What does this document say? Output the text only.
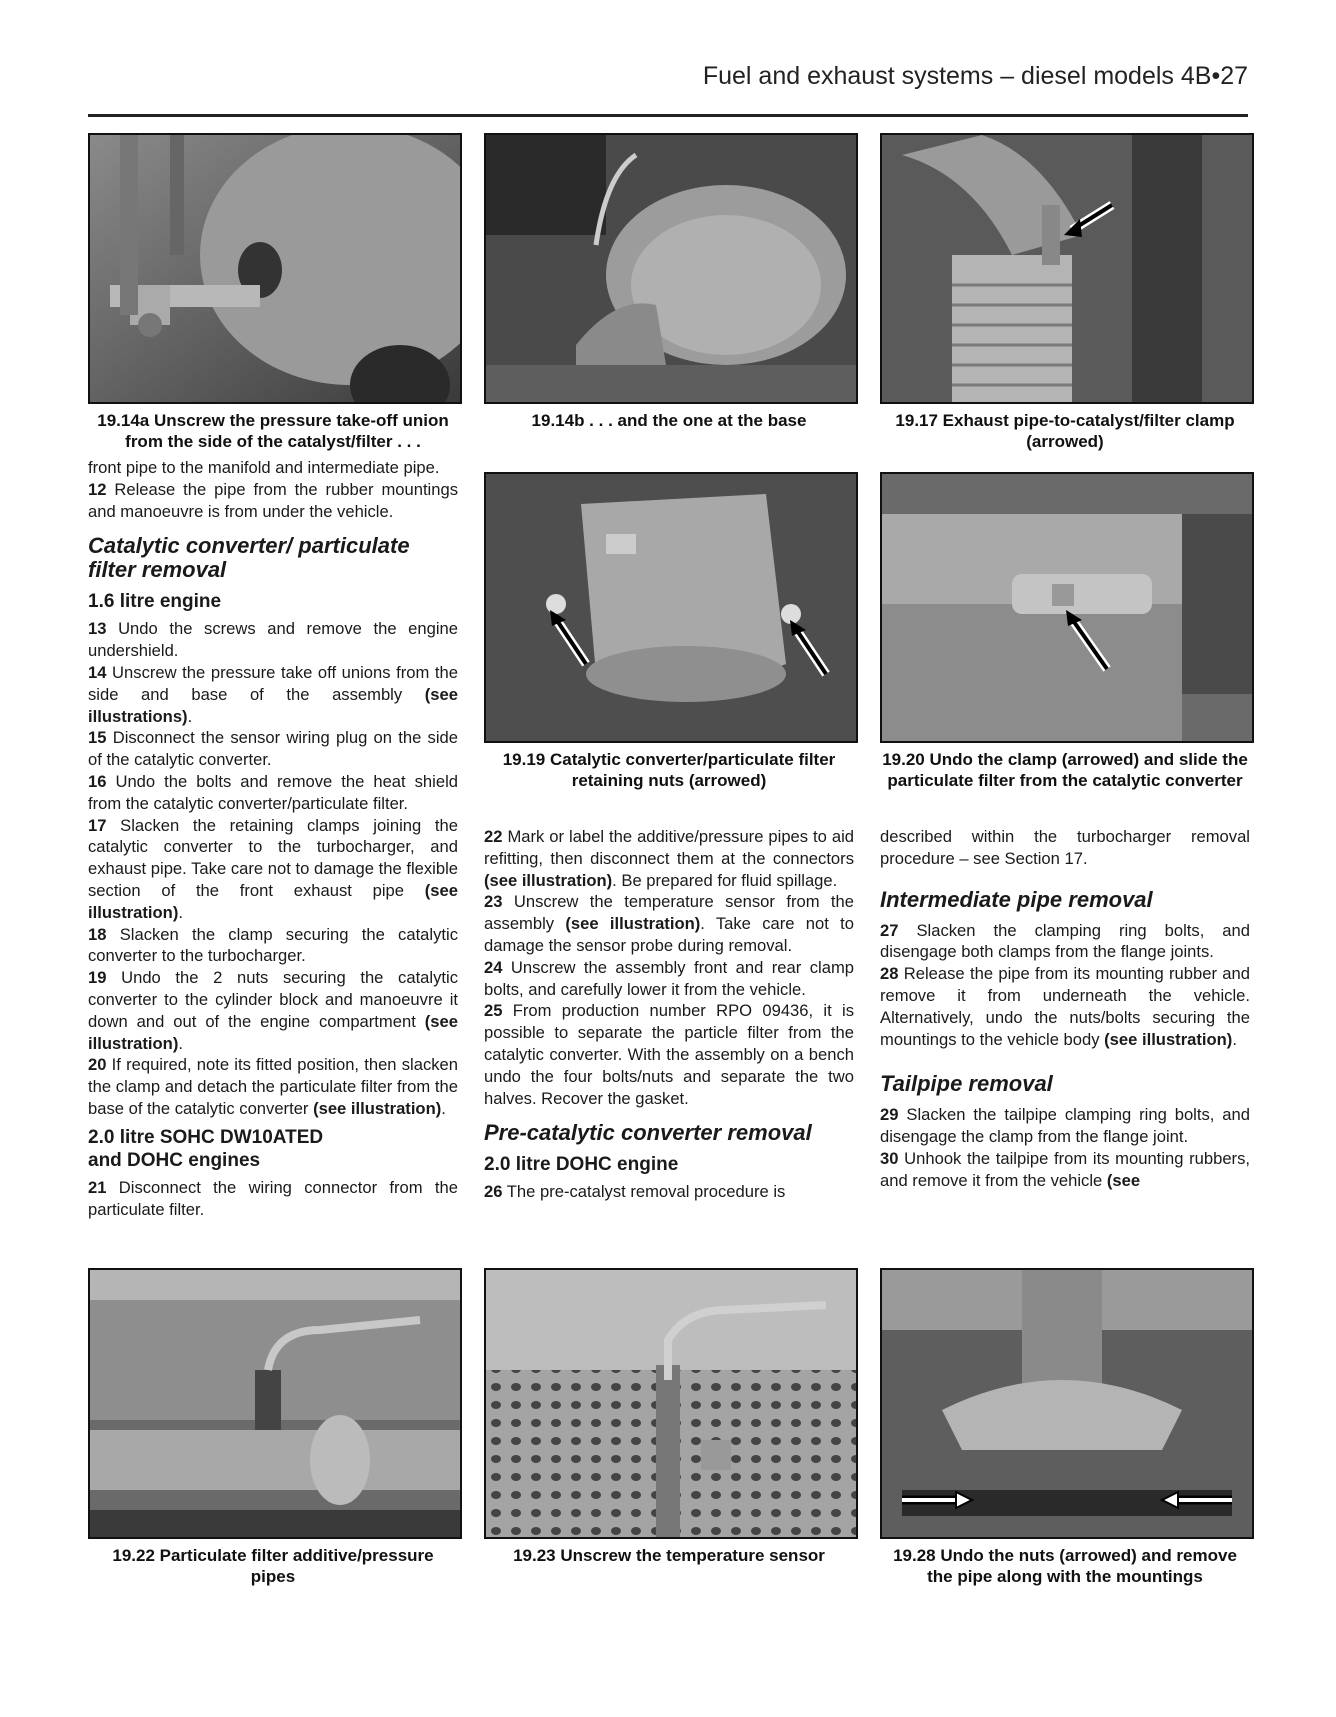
Fuel and exhaust systems – diesel models 4B•27
19.14a Unscrew the pressure take-off union from the side of the catalyst/filter . . .
19.14b . . . and the one at the base	19.17 Exhaust pipe-to-catalyst/filter clamp (arrowed)

front pipe to the manifold and intermediate pipe.

12 Release the pipe from the rubber mountings and manoeuvre is from under the vehicle.

Catalytic converter/ particulate filter removal
1.6 litre engine

13 Undo the screws and remove the engine undershield.

14 Unscrew the pressure take off unions from the side and base of the assembly (see illustrations).

15 Disconnect the sensor wiring plug on the side of the catalytic converter.

16 Undo the bolts and remove the heat shield from the catalytic converter/particulate filter.

17 Slacken the retaining clamps joining the catalytic converter to the turbocharger, and exhaust pipe. Take care not to damage the flexible section of the front exhaust pipe (see illustration).

18 Slacken the clamp securing the catalytic converter to the turbocharger.

19 Undo the 2 nuts securing the catalytic converter to the cylinder block and manoeuvre it down and out of the engine compartment (see illustration).

20 If required, note its fitted position, then slacken the clamp and detach the particulate filter from the base of the catalytic converter (see illustration).

2.0 litre SOHC DW10ATED and DOHC engines

21 Disconnect the wiring connector from the particulate filter.

19.19 Catalytic converter/particulate filter retaining nuts (arrowed)
19.20 Undo the clamp (arrowed) and slide the particulate filter from the catalytic converter

22 Mark or label the additive/pressure pipes to aid refitting, then disconnect them at the connectors (see illustration). Be prepared for fluid spillage.

23 Unscrew the temperature sensor from the assembly (see illustration). Take care not to damage the sensor probe during removal.

24 Unscrew the assembly front and rear clamp bolts, and carefully lower it from the vehicle.

25 From production number RPO 09436, it is possible to separate the particle filter from the catalytic converter. With the assembly on a bench undo the four bolts/nuts and separate the two halves. Recover the gasket.

Pre-catalytic converter removal
2.0 litre DOHC engine

26 The pre-catalyst removal procedure is

described within the turbocharger removal procedure – see Section 17.

Intermediate pipe removal

27 Slacken the clamping ring bolts, and disengage both clamps from the flange joints.

28 Release the pipe from its mounting rubber and remove it from underneath the vehicle. Alternatively, undo the nuts/bolts securing the mountings to the vehicle body (see illustration).

Tailpipe removal

29 Slacken the tailpipe clamping ring bolts, and disengage the clamp from the flange joint.

30 Unhook the tailpipe from its mounting rubbers, and remove it from the vehicle (see

19.22 Particulate filter additive/pressure pipes
19.23 Unscrew the temperature sensor	19.28 Undo the nuts (arrowed) and remove the pipe along with the mountings
